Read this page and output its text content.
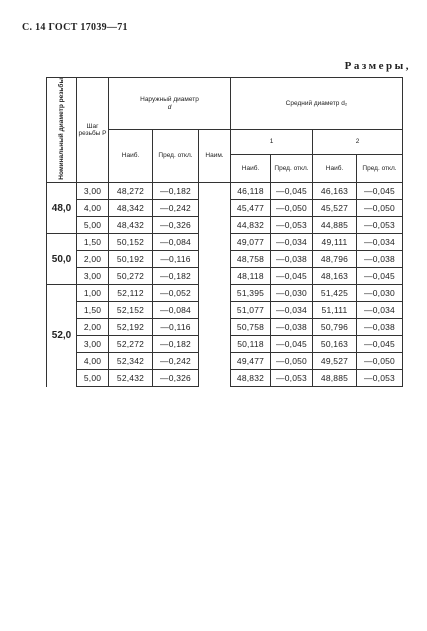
С. 14 ГОСТ 17039—71
Размеры,
Номинальный диаметр резьбы	Шаг резьбы P	Наружный диаметр
d			Средний диаметр d₂			
		Наиб.	Пред. откл.	Наим.	1		2	
					Наиб.	Пред. откл.	Наиб.	Пред. откл.
48,0	3,00	48,272	—0,182		46,118	—0,045	46,163	—0,045
	4,00	48,342	—0,242		45,477	—0,050	45,527	—0,050
	5,00	48,432	—0,326		44,832	—0,053	44,885	—0,053
50,0	1,50	50,152	—0,084		49,077	—0,034	49,111	—0,034
	2,00	50,192	—0,116		48,758	—0,038	48,796	—0,038
	3,00	50,272	—0,182		48,118	—0,045	48,163	—0,045
52,0	1,00	52,112	—0,052		51,395	—0,030	51,425	—0,030
	1,50	52,152	—0,084		51,077	—0,034	51,111	—0,034
	2,00	52,192	—0,116		50,758	—0,038	50,796	—0,038
	3,00	52,272	—0,182		50,118	—0,045	50,163	—0,045
	4,00	52,342	—0,242		49,477	—0,050	49,527	—0,050
	5,00	52,432	—0,326		48,832	—0,053	48,885	—0,053
